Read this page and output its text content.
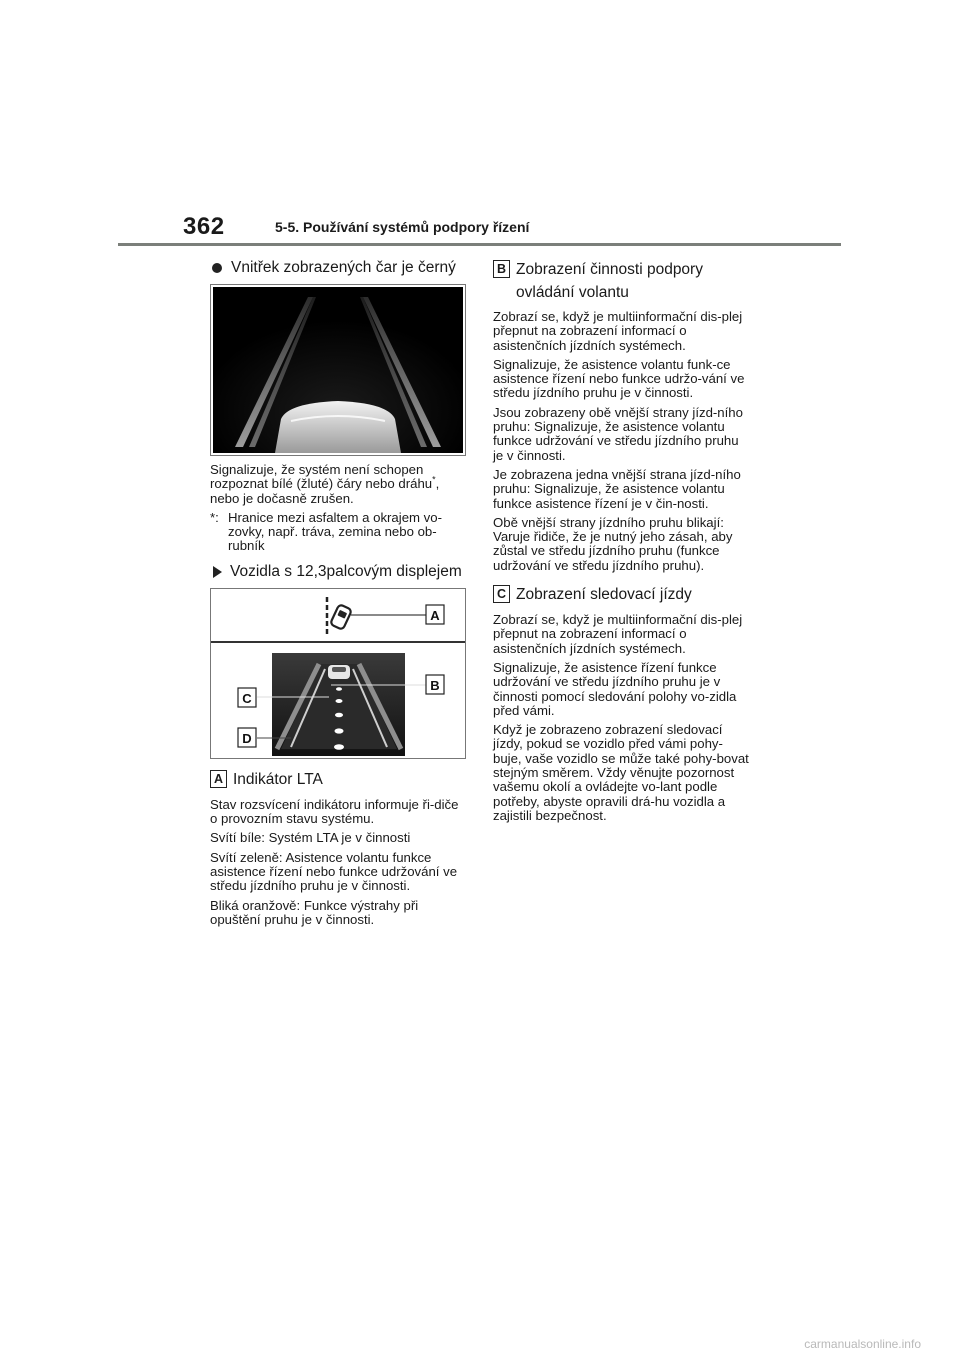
362	5-5. Používání systémů podpory řízení
Vnitřek zobrazených čar je černý

Signalizuje, že systém není schopen rozpoznat bílé (žluté) čáry nebo dráhu*, nebo je dočasně zrušen.

*: Hranice mezi asfaltem a okrajem vo-zovky, např. tráva, zemina nebo ob-rubník
Vozidla s 12,3palcovým displejem
A
B
C
D
A Indikátor LTA

Stav rozsvícení indikátoru informuje ři-diče o provozním stavu systému.

Svítí bíle: Systém LTA je v činnosti

Svítí zeleně: Asistence volantu funkce asistence řízení nebo funkce udržování ve středu jízdního pruhu je v činnosti.

Bliká oranžově: Funkce výstrahy při opuštění pruhu je v činnosti.

B Zobrazení činnosti podpory ovládání volantu

Zobrazí se, když je multiinformační dis-plej přepnut na zobrazení informací o asistenčních jízdních systémech.

Signalizuje, že asistence volantu funk-ce asistence řízení nebo funkce udržo-vání ve středu jízdního pruhu je v činnosti.

Jsou zobrazeny obě vnější strany jízd-ního pruhu: Signalizuje, že asistence volantu funkce udržování ve středu jízdního pruhu je v činnosti.

Je zobrazena jedna vnější strana jízd-ního pruhu: Signalizuje, že asistence volantu funkce asistence řízení je v čin-nosti.

Obě vnější strany jízdního pruhu blikají: Varuje řidiče, že je nutný jeho zásah, aby zůstal ve středu jízdního pruhu (funkce udržování ve středu jízdního pruhu).

C Zobrazení sledovací jízdy

Zobrazí se, když je multiinformační dis-plej přepnut na zobrazení informací o asistenčních jízdních systémech.

Signalizuje, že asistence řízení funkce udržování ve středu jízdního pruhu je v činnosti pomocí sledování polohy vo-zidla před vámi.

Když je zobrazeno zobrazení sledovací jízdy, pokud se vozidlo před vámi pohy-buje, vaše vozidlo se může také pohy-bovat stejným směrem. Vždy věnujte pozornost vašemu okolí a ovládejte vo-lant podle potřeby, abyste opravili drá-hu vozidla a zajistili bezpečnost.

carmanualsonline.info
